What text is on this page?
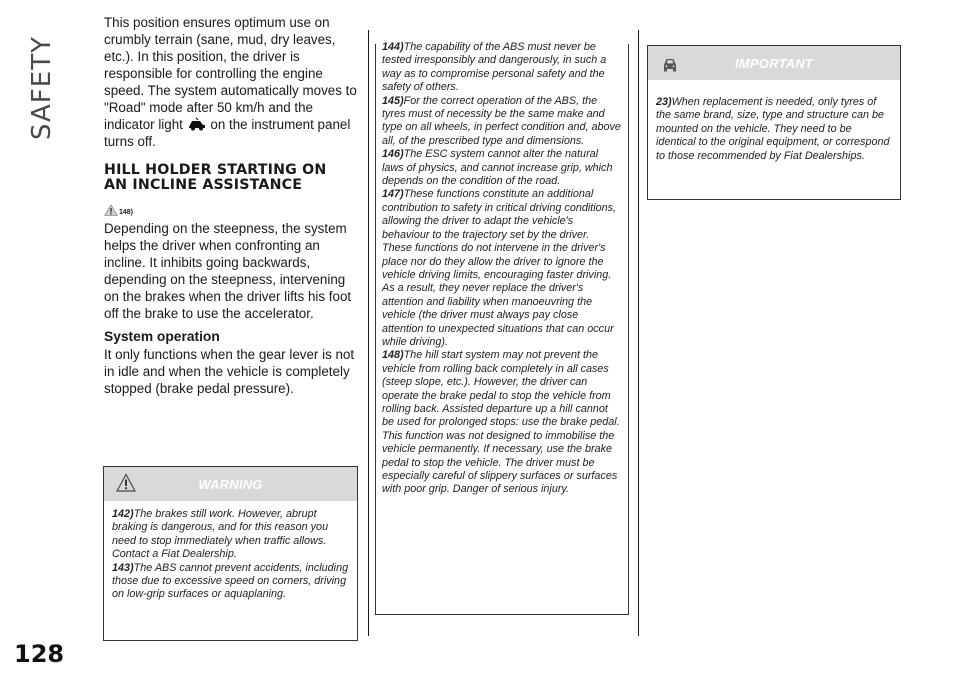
SAFETY
128

This position ensures optimum use on crumbly terrain (sane, mud, dry leaves, etc.). In this position, the driver is responsible for controlling the engine speed. The system automatically moves to "Road" mode after 50 km/h and the indicator light on the instrument panel turns off.

HILL HOLDER STARTING ON AN INCLINE ASSISTANCE
148)

Depending on the steepness, the system helps the driver when confronting an incline. It inhibits going backwards, depending on the steepness, intervening on the brakes when the driver lifts his foot off the brake to use the accelerator.

System operation

It only functions when the gear lever is not in idle and when the vehicle is completely stopped (brake pedal pressure).

WARNING

142)The brakes still work. However, abrupt braking is dangerous, and for this reason you need to stop immediately when traffic allows. Contact a Fiat Dealership.

143)The ABS cannot prevent accidents, including those due to excessive speed on corners, driving on low-grip surfaces or aquaplaning.

144)The capability of the ABS must never be tested irresponsibly and dangerously, in such a way as to compromise personal safety and the safety of others.

145)For the correct operation of the ABS, the tyres must of necessity be the same make and type on all wheels, in perfect condition and, above all, of the prescribed type and dimensions.

146)The ESC system cannot alter the natural laws of physics, and cannot increase grip, which depends on the condition of the road.

147)These functions constitute an additional contribution to safety in critical driving conditions, allowing the driver to adapt the vehicle's behaviour to the trajectory set by the driver. These functions do not intervene in the driver's place nor do they allow the driver to ignore the vehicle driving limits, encouraging faster driving. As a result, they never replace the driver's attention and liability when manoeuvring the vehicle (the driver must always pay close attention to unexpected situations that can occur while driving).

148)The hill start system may not prevent the vehicle from rolling back completely in all cases (steep slope, etc.). However, the driver can operate the brake pedal to stop the vehicle from rolling back. Assisted departure up a hill cannot be used for prolonged stops: use the brake pedal. This function was not designed to immobilise the vehicle permanently. If necessary, use the brake pedal to stop the vehicle. The driver must be especially careful of slippery surfaces or surfaces with poor grip. Danger of serious injury.

IMPORTANT

23)When replacement is needed, only tyres of the same brand, size, type and structure can be mounted on the vehicle. They need to be identical to the original equipment, or correspond to those recommended by Fiat Dealerships.
